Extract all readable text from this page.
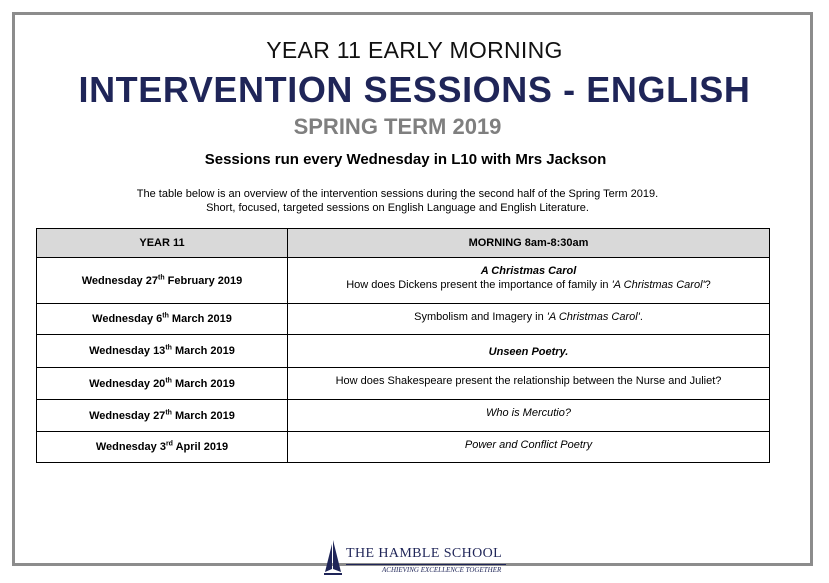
YEAR 11 EARLY MORNING
INTERVENTION SESSIONS - ENGLISH
SPRING TERM 2019
Sessions run every Wednesday in L10 with Mrs Jackson
The table below is an overview of the intervention sessions during the second half of the Spring Term 2019.
Short, focused, targeted sessions on English Language and English Literature.
YEAR 11	MORNING 8am-8:30am
Wednesday 27th February 2019	A Christmas Carol
How does Dickens present the importance of family in 'A Christmas Carol'?

Wednesday 6th March 2019	Symbolism and Imagery in 'A Christmas Carol'.
Wednesday 13th March 2019	Unseen Poetry.
Wednesday 20th March 2019	How does Shakespeare present the relationship between the Nurse and Juliet?
Wednesday 27th March 2019	Who is Mercutio?
Wednesday 3rd April 2019	Power and Conflict Poetry
THE HAMBLE SCHOOL
ACHIEVING EXCELLENCE TOGETHER
